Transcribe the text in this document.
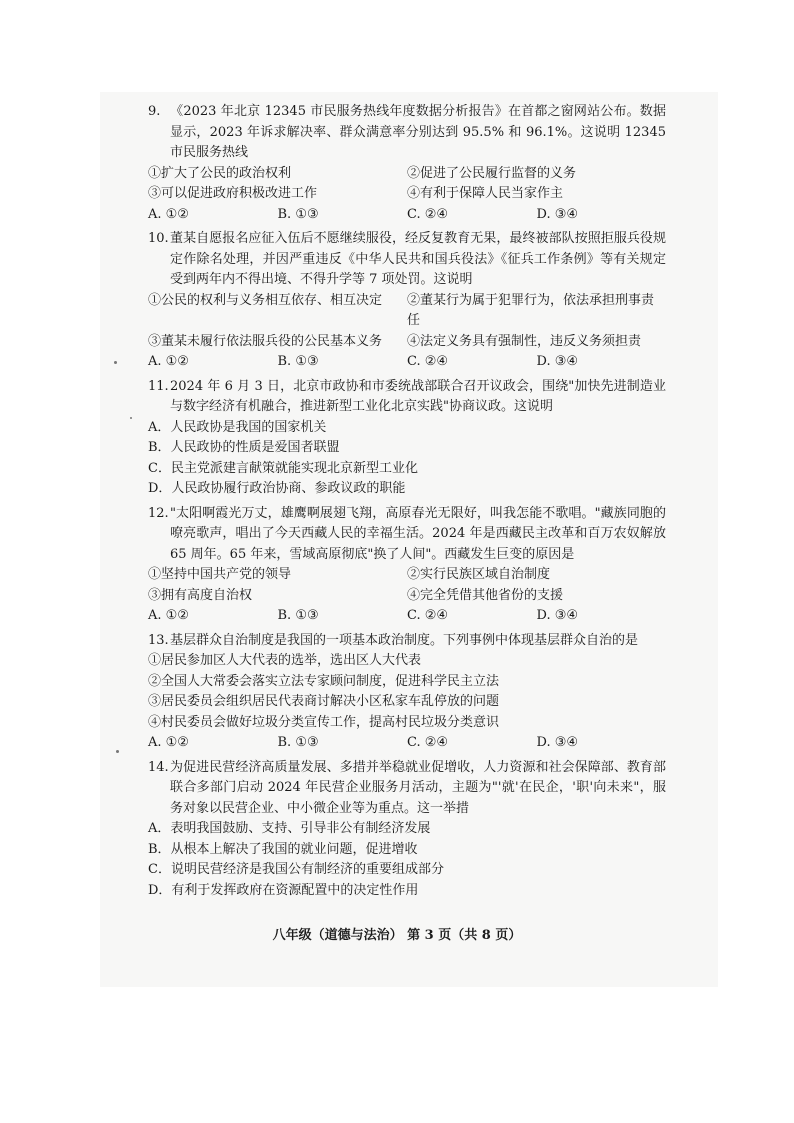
9. 《2023 年北京 12345 市民服务热线年度数据分析报告》在首都之窗网站公布。数据显示，2023 年诉求解决率、群众满意率分别达到 95.5% 和 96.1%。这说明 12345 市民服务热线

①扩大了公民的政治权利	②促进了公民履行监督的义务
③可以促进政府积极改进工作	④有利于保障人民当家作主

A. ①②	B. ①③	C. ②④	D. ③④

10.董某自愿报名应征入伍后不愿继续服役，经反复教育无果，最终被部队按照拒服兵役规定作除名处理，并因严重违反《中华人民共和国兵役法》《征兵工作条例》等有关规定受到两年内不得出境、不得升学等 7 项处罚。这说明

①公民的权利与义务相互依存、相互决定	②董某行为属于犯罪行为，依法承担刑事责任
③董某未履行依法服兵役的公民基本义务	④法定义务具有强制性，违反义务须担责

A. ①②	B. ①③	C. ②④	D. ③④

11.2024 年 6 月 3 日，北京市政协和市委统战部联合召开议政会，围绕"加快先进制造业与数字经济有机融合，推进新型工业化北京实践"协商议政。这说明

A．人民政协是我国的国家机关
B．人民政协的性质是爱国者联盟
C．民主党派建言献策就能实现北京新型工业化
D．人民政协履行政治协商、参政议政的职能

12."太阳啊霞光万丈，雄鹰啊展翅飞翔，高原春光无限好，叫我怎能不歌唱。"藏族同胞的嘹亮歌声，唱出了今天西藏人民的幸福生活。2024 年是西藏民主改革和百万农奴解放 65 周年。65 年来，雪域高原彻底"换了人间"。西藏发生巨变的原因是

①坚持中国共产党的领导	②实行民族区域自治制度
③拥有高度自治权	④完全凭借其他省份的支援

A. ①②	B. ①③	C. ②④	D. ③④

13.基层群众自治制度是我国的一项基本政治制度。下列事例中体现基层群众自治的是

①居民参加区人大代表的选举，选出区人大代表
②全国人大常委会落实立法专家顾问制度，促进科学民主立法
③居民委员会组织居民代表商讨解决小区私家车乱停放的问题
④村民委员会做好垃圾分类宣传工作，提高村民垃圾分类意识

A. ①②	B. ①③	C. ②④	D. ③④

14.为促进民营经济高质量发展、多措并举稳就业促增收，人力资源和社会保障部、教育部联合多部门启动 2024 年民营企业服务月活动，主题为"'就'在民企，'职'向未来"，服务对象以民营企业、中小微企业等为重点。这一举措

A．表明我国鼓励、支持、引导非公有制经济发展
B．从根本上解决了我国的就业问题，促进增收
C．说明民营经济是我国公有制经济的重要组成部分
D．有利于发挥政府在资源配置中的决定性作用

八年级（道德与法治） 第 3 页（共 8 页）
